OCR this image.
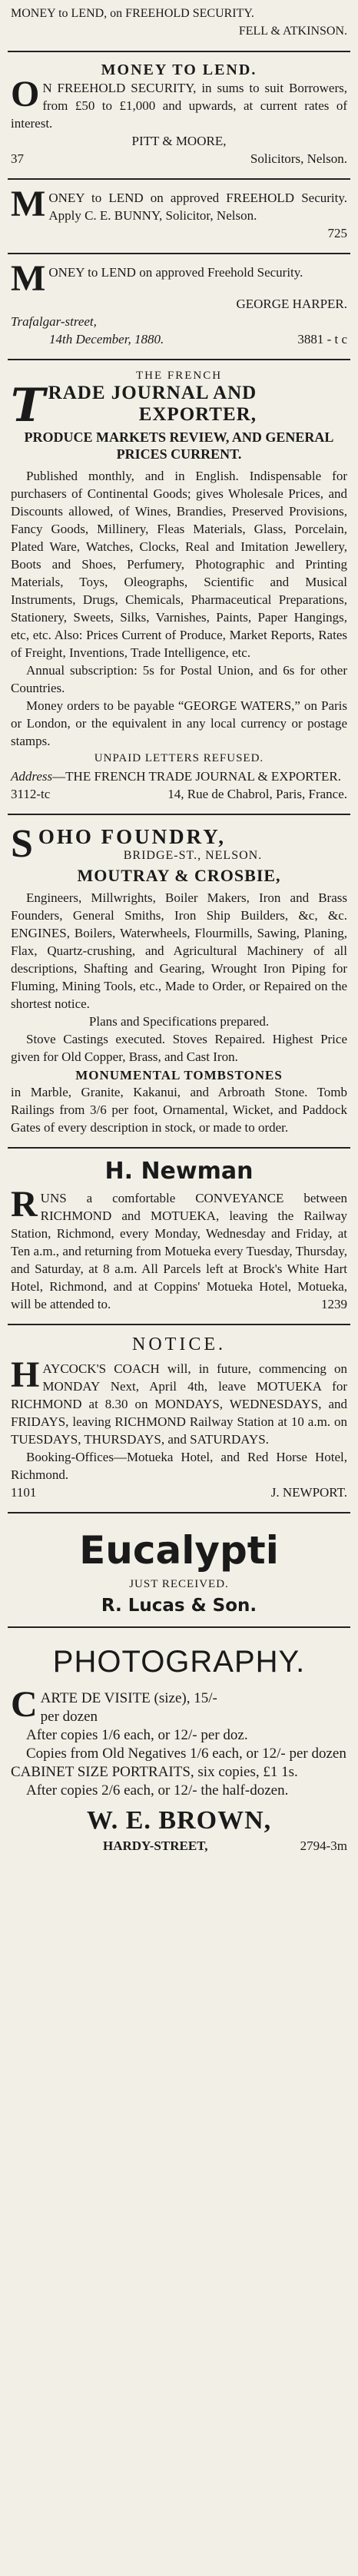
MONEY to LEND, on FREEHOLD SECURITY.

FELL & ATKINSON.

MONEY TO LEND.

O N FREEHOLD SECURITY, in sums to suit Borrowers, from £50 to £1,000 and upwards, at current rates of interest.

PITT & MOORE,
37	Solicitors, Nelson.

M ONEY to LEND on approved FREEHOLD Security. Apply C. E. BUNNY, Solicitor, Nelson.

725

M ONEY to LEND on approved Freehold Security.

GEORGE HARPER.

Trafalgar-street,

14th December, 1880.	3881 - t c
THE FRENCH
T RADE JOURNAL AND
EXPORTER,
PRODUCE MARKETS REVIEW, AND GENERAL PRICES CURRENT.

Published monthly, and in English. Indispensable for purchasers of Continental Goods; gives Wholesale Prices, and Discounts allowed, of Wines, Brandies, Preserved Provisions, Fancy Goods, Millinery, Fleas Materials, Glass, Porcelain, Plated Ware, Watches, Clocks, Real and Imitation Jewellery, Boots and Shoes, Perfumery, Photographic and Printing Materials, Toys, Oleographs, Scientific and Musical Instruments, Drugs, Chemicals, Pharmaceutical Preparations, Stationery, Sweets, Silks, Varnishes, Paints, Paper Hangings, etc, etc. Also: Prices Current of Produce, Market Reports, Rates of Freight, Inventions, Trade Intelligence, etc.

Annual subscription: 5s for Postal Union, and 6s for other Countries.

Money orders to be payable “GEORGE WATERS,” on Paris or London, or the equivalent in any local currency or postage stamps.

UNPAID LETTERS REFUSED.

Address—THE FRENCH TRADE JOURNAL & EXPORTER.

3112-tc	14, Rue de Chabrol, Paris, France.
S OHO FOUNDRY,
BRIDGE-ST., NELSON.
MOUTRAY & CROSBIE,

Engineers, Millwrights, Boiler Makers, Iron and Brass Founders, General Smiths, Iron Ship Builders, &c, &c. ENGINES, Boilers, Waterwheels, Flourmills, Sawing, Planing, Flax, Quartz-crushing, and Agricultural Machinery of all descriptions, Shafting and Gearing, Wrought Iron Piping for Fluming, Mining Tools, etc., Made to Order, or Repaired on the shortest notice.

Plans and Specifications prepared.

Stove Castings executed. Stoves Repaired. Highest Price given for Old Copper, Brass, and Cast Iron.

MONUMENTAL TOMBSTONES

in Marble, Granite, Kakanui, and Arbroath Stone. Tomb Railings from 3/6 per foot, Ornamental, Wicket, and Paddock Gates of every description in stock, or made to order.

H. Newman

R UNS a comfortable CONVEYANCE between RICHMOND and MOTUEKA, leaving the Railway Station, Richmond, every Monday, Wednesday and Friday, at Ten a.m., and returning from Motueka every Tuesday, Thursday, and Saturday, at 8 a.m. All Parcels left at Brock's White Hart Hotel, Richmond, and at Coppins' Motueka Hotel, Motueka, will be attended to.	1239

NOTICE.

H AYCOCK'S COACH will, in future, commencing on MONDAY Next, April 4th, leave MOTUEKA for RICHMOND at 8.30 on MONDAYS, WEDNESDAYS, and FRIDAYS, leaving RICHMOND Railway Station at 10 a.m. on TUESDAYS, THURSDAYS, and SATURDAYS.

Booking-Offices—Motueka Hotel, and Red Horse Hotel, Richmond.

1101	J. NEWPORT.
Eucalypti
JUST RECEIVED.
R. Lucas & Son.
PHOTOGRAPHY.
C ARTE DE VISITE (size), 15/-
per dozen

After copies 1/6 each, or 12/- per doz.

Copies from Old Negatives 1/6 each, or 12/- per dozen

CABINET SIZE PORTRAITS, six copies, £1 1s.

After copies 2/6 each, or 12/- the half-dozen.

W. E. BROWN,
HARDY-STREET,	2794-3m
